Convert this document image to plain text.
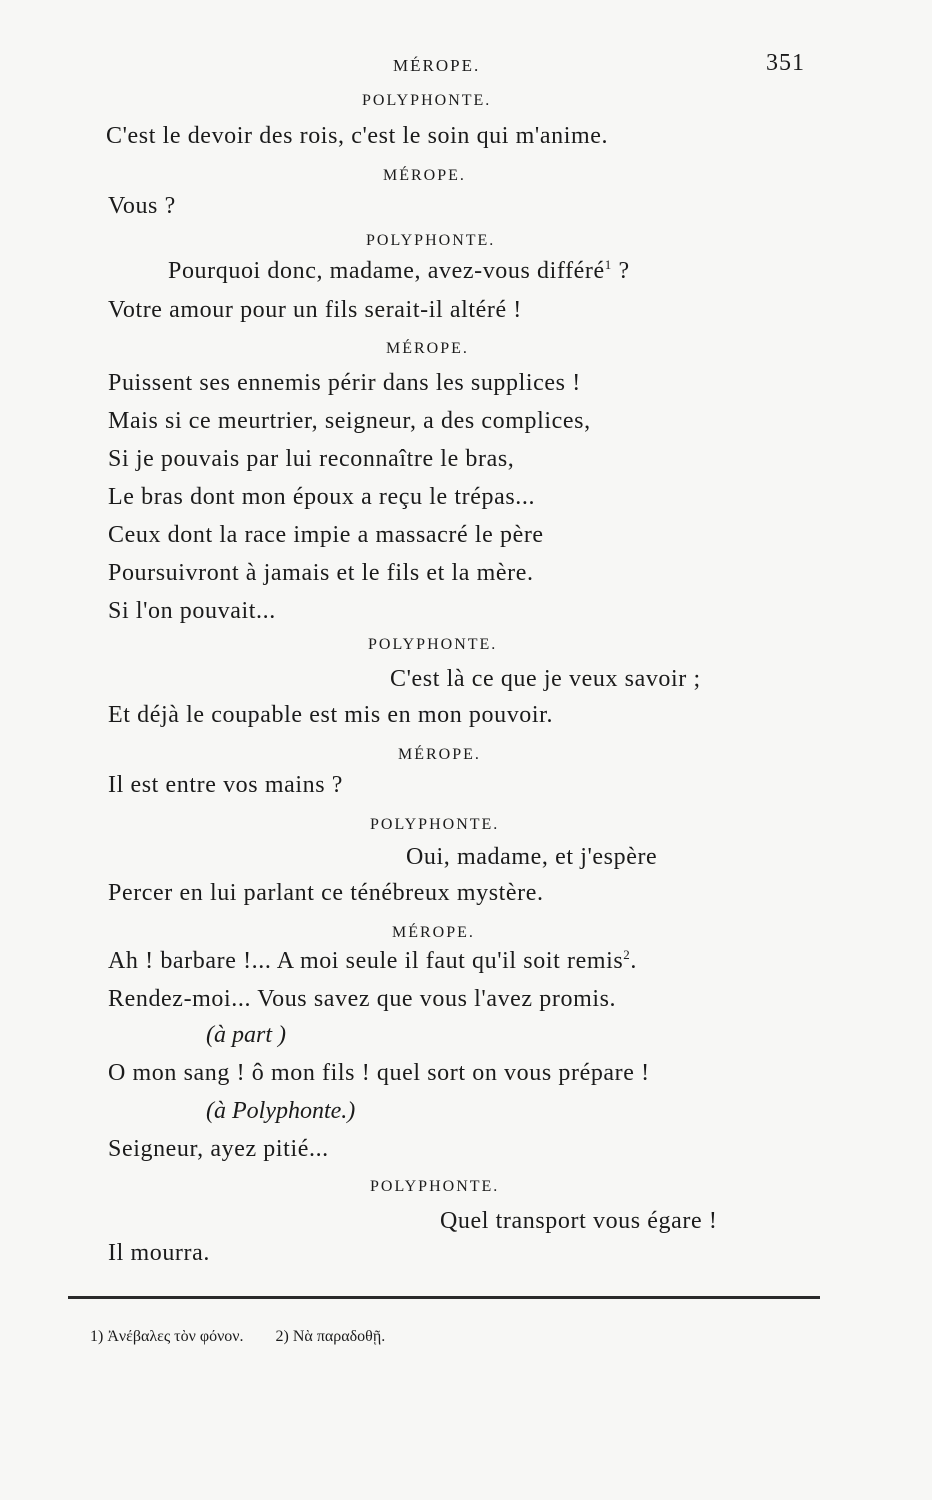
MÉROPE.	351
POLYPHONTE.
C'est le devoir des rois, c'est le soin qui m'anime.
MÉROPE.
Vous ?
POLYPHONTE.
Pourquoi donc, madame, avez-vous différé$^1$ ?
Votre amour pour un fils serait-il altéré !
MÉROPE.
Puissent ses ennemis périr dans les supplices !
Mais si ce meurtrier, seigneur, a des complices,
Si je pouvais par lui reconnaître le bras,
Le bras dont mon époux a reçu le trépas...
Ceux dont la race impie a massacré le père
Poursuivront à jamais et le fils et la mère.
Si l'on pouvait...
POLYPHONTE.
C'est là ce que je veux savoir ;
Et déjà le coupable est mis en mon pouvoir.
MÉROPE.
Il est entre vos mains ?
POLYPHONTE.
Oui, madame, et j'espère
Percer en lui parlant ce ténébreux mystère.
MÉROPE.
Ah ! barbare !... A moi seule il faut qu'il soit remis$^2$.
Rendez-moi... Vous savez que vous l'avez promis.
(à part )
O mon sang ! ô mon fils ! quel sort on vous prépare !
(à Polyphonte.)
Seigneur, ayez pitié...
POLYPHONTE.
Quel transport vous égare !
Il mourra.
1) Ἀνέβαλες τὸν φόνον. 2) Νὰ παραδοθῇ.
